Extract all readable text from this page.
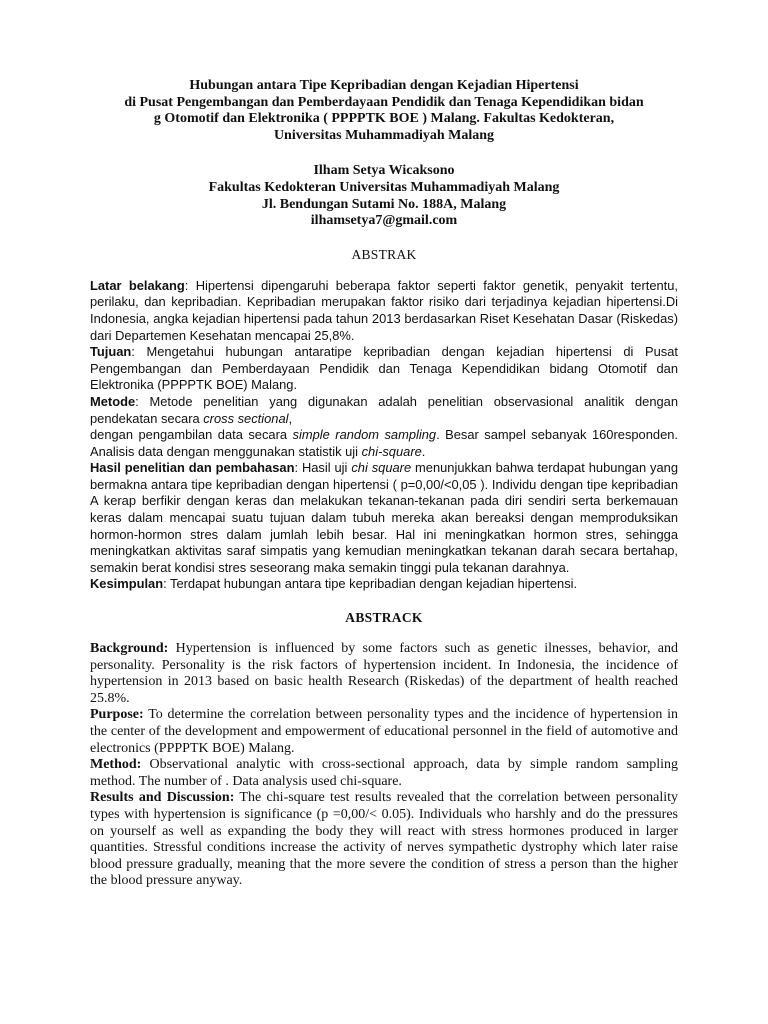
Hubungan antara Tipe Kepribadian dengan Kejadian Hipertensi
di Pusat Pengembangan dan Pemberdayaan Pendidik dan Tenaga Kependidikan bidan
g Otomotif dan Elektronika ( PPPPTK BOE ) Malang. Fakultas Kedokteran,
Universitas Muhammadiyah Malang
Ilham Setya Wicaksono
Fakultas Kedokteran Universitas Muhammadiyah Malang
Jl. Bendungan Sutami No. 188A, Malang
ilhamsetya7@gmail.com
ABSTRAK

Latar belakang: Hipertensi dipengaruhi beberapa faktor seperti faktor genetik, penyakit tertentu, perilaku, dan kepribadian. Kepribadian merupakan faktor risiko dari terjadinya kejadian hipertensi.Di Indonesia, angka kejadian hipertensi pada tahun 2013 berdasarkan Riset Kesehatan Dasar (Riskedas) dari Departemen Kesehatan mencapai 25,8%.

Tujuan: Mengetahui hubungan antaratipe kepribadian dengan kejadian hipertensi di Pusat Pengembangan dan Pemberdayaan Pendidik dan Tenaga Kependidikan bidang Otomotif dan Elektronika (PPPPTK BOE) Malang.

Metode: Metode penelitian yang digunakan adalah penelitian observasional analitik dengan pendekatan secara cross sectional,
dengan pengambilan data secara simple random sampling. Besar sampel sebanyak 160responden. Analisis data dengan menggunakan statistik uji chi-square.

Hasil penelitian dan pembahasan: Hasil uji chi square menunjukkan bahwa terdapat hubungan yang bermakna antara tipe kepribadian dengan hipertensi ( p=0,00/<0,05 ). Individu dengan tipe kepribadian A kerap berfikir dengan keras dan melakukan tekanan-tekanan pada diri sendiri serta berkemauan keras dalam mencapai suatu tujuan dalam tubuh mereka akan bereaksi dengan memproduksikan hormon-hormon stres dalam jumlah lebih besar. Hal ini meningkatkan hormon stres, sehingga meningkatkan aktivitas saraf simpatis yang kemudian meningkatkan tekanan darah secara bertahap, semakin berat kondisi stres seseorang maka semakin tinggi pula tekanan darahnya.

Kesimpulan: Terdapat hubungan antara tipe kepribadian dengan kejadian hipertensi.

ABSTRACK

Background: Hypertension is influenced by some factors such as genetic ilnesses, behavior, and personality. Personality is the risk factors of hypertension incident. In Indonesia, the incidence of hypertension in 2013 based on basic health Research (Riskedas) of the department of health reached 25.8%.

Purpose: To determine the correlation between personality types and the incidence of hypertension in the center of the development and empowerment of educational personnel in the field of automotive and electronics (PPPPTK BOE) Malang.

Method: Observational analytic with cross-sectional approach, data by simple random sampling method. The number of . Data analysis used chi-square.

Results and Discussion: The chi-square test results revealed that the correlation between personality types with hypertension is significance (p =0,00/< 0.05). Individuals who harshly and do the pressures on yourself as well as expanding the body they will react with stress hormones produced in larger quantities. Stressful conditions increase the activity of nerves sympathetic dystrophy which later raise blood pressure gradually, meaning that the more severe the condition of stress a person than the higher the blood pressure anyway.
